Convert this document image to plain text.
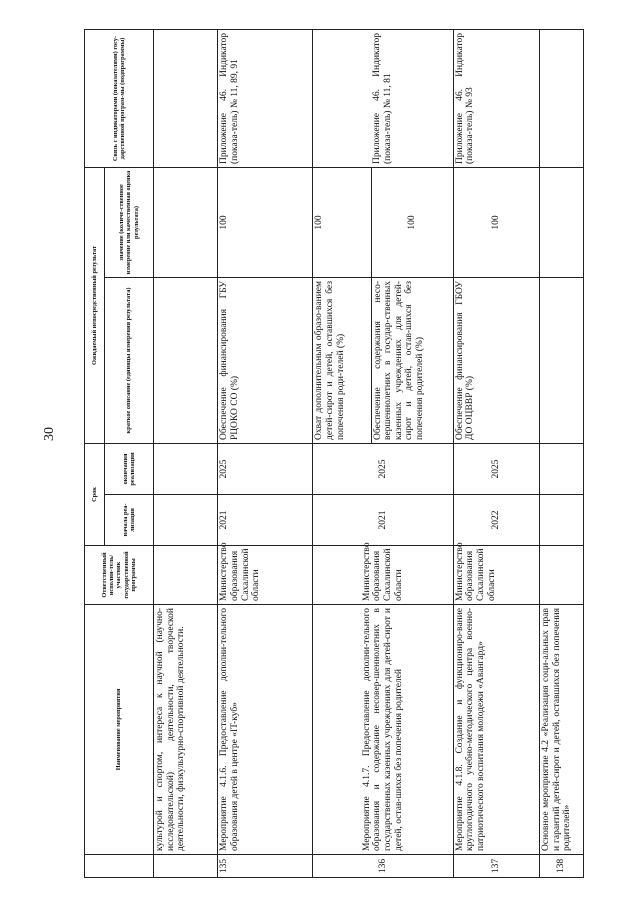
30
	Наименование мероприятия	Ответственный исполни-тель/участник государственной программы	Срок		Ожидаемый непосредственный результат		Связь с индикаторами (показателями) госу-дарственной програм-мы (подпрограммы)
			начала реа-лизации	окончания реализации	краткое описание (единицы измерения результата)	значение (количе-ственное измерение или качественная оценка результата)	
	культурой и спортом, интереса к научной (научно-исследовательской) деятельности, творческой деятельности, физкультурно-спортивной деятельности.						
135	Мероприятие 4.1.6. Предоставление дополни-тельного образования детей в центре «IT-куб»	Министерство образования Сахалинской области	2021	2025	Обеспечение финансирования ГБУ РЦОКО СО (%)	100	Приложение 46. Индикатор (показа-тель) № 11, 89, 91
136	Мероприятие 4.1.7. Предоставление дополни-тельного образования и содержание несовер-шеннолетних в государственных казенных учреждениях для детей-сирот и детей, остав-шихся без попечения родителей	Министерство образования Сахалинской области	2021	2025	Охват дополнительным образо-ванием детей-сирот и детей, оставшихся без попечения роди-телей (%)	100	Приложение 46. Индикатор (показа-тель) № 11, 81
					Обеспечение содержания несо-вершеннолетних в государ-ственных казенных учреждениях для детей-сирот и детей, остав-шихся без попечения родителей (%)	100	
137	Мероприятие 4.1.8. Создание и функциониро-вание круглогодичного учебно-методического центра военно-патриотического воспитания молодежи «Авангард»	Министерство образования Сахалинской области	2022	2025	Обеспечение финансирования ГБОУ ДО ОЦВВР (%)	100	Приложение 46. Индикатор (показа-тель) № 93
138	Основное мероприятие 4.2 «Реализация соци-альных прав и гарантий детей-сирот и детей, оставшихся без попечения родителей»						
